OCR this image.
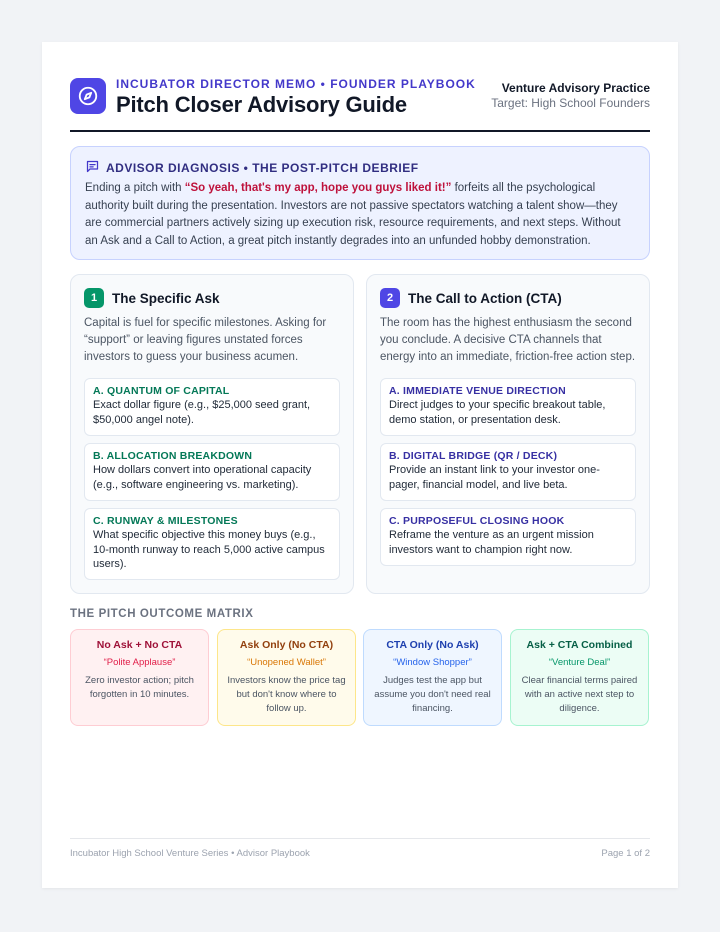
INCUBATOR DIRECTOR MEMO • FOUNDER PLAYBOOK
Pitch Closer Advisory Guide
Venture Advisory Practice
Target: High School Founders
ADVISOR DIAGNOSIS • THE POST-PITCH DEBRIEF

Ending a pitch with “So yeah, that's my app, hope you guys liked it!” forfeits all the psychological authority built during the presentation. Investors are not passive spectators watching a talent show—they are commercial partners actively sizing up execution risk, resource requirements, and next steps. Without an Ask and a Call to Action, a great pitch instantly degrades into an unfunded hobby demonstration.

1	The Specific Ask

Capital is fuel for specific milestones. Asking for “support” or leaving figures unstated forces investors to guess your business acumen.

A. QUANTUM OF CAPITAL
Exact dollar figure (e.g., $25,000 seed grant, $50,000 angel note).
B. ALLOCATION BREAKDOWN
How dollars convert into operational capacity (e.g., software engineering vs. marketing).
C. RUNWAY & MILESTONES
What specific objective this money buys (e.g., 10-month runway to reach 5,000 active campus users).
2	The Call to Action (CTA)

The room has the highest enthusiasm the second you conclude. A decisive CTA channels that energy into an immediate, friction-free action step.

A. IMMEDIATE VENUE DIRECTION
Direct judges to your specific breakout table, demo station, or presentation desk.
B. DIGITAL BRIDGE (QR / DECK)
Provide an instant link to your investor one-pager, financial model, and live beta.
C. PURPOSEFUL CLOSING HOOK
Reframe the venture as an urgent mission investors want to champion right now.
THE PITCH OUTCOME MATRIX
No Ask + No CTA
“Polite Applause”
Zero investor action; pitch forgotten in 10 minutes.
Ask Only (No CTA)
“Unopened Wallet”
Investors know the price tag but don't know where to follow up.
CTA Only (No Ask)
“Window Shopper”
Judges test the app but assume you don't need real financing.
Ask + CTA Combined
“Venture Deal”
Clear financial terms paired with an active next step to diligence.
Incubator High School Venture Series • Advisor Playbook	Page 1 of 2
